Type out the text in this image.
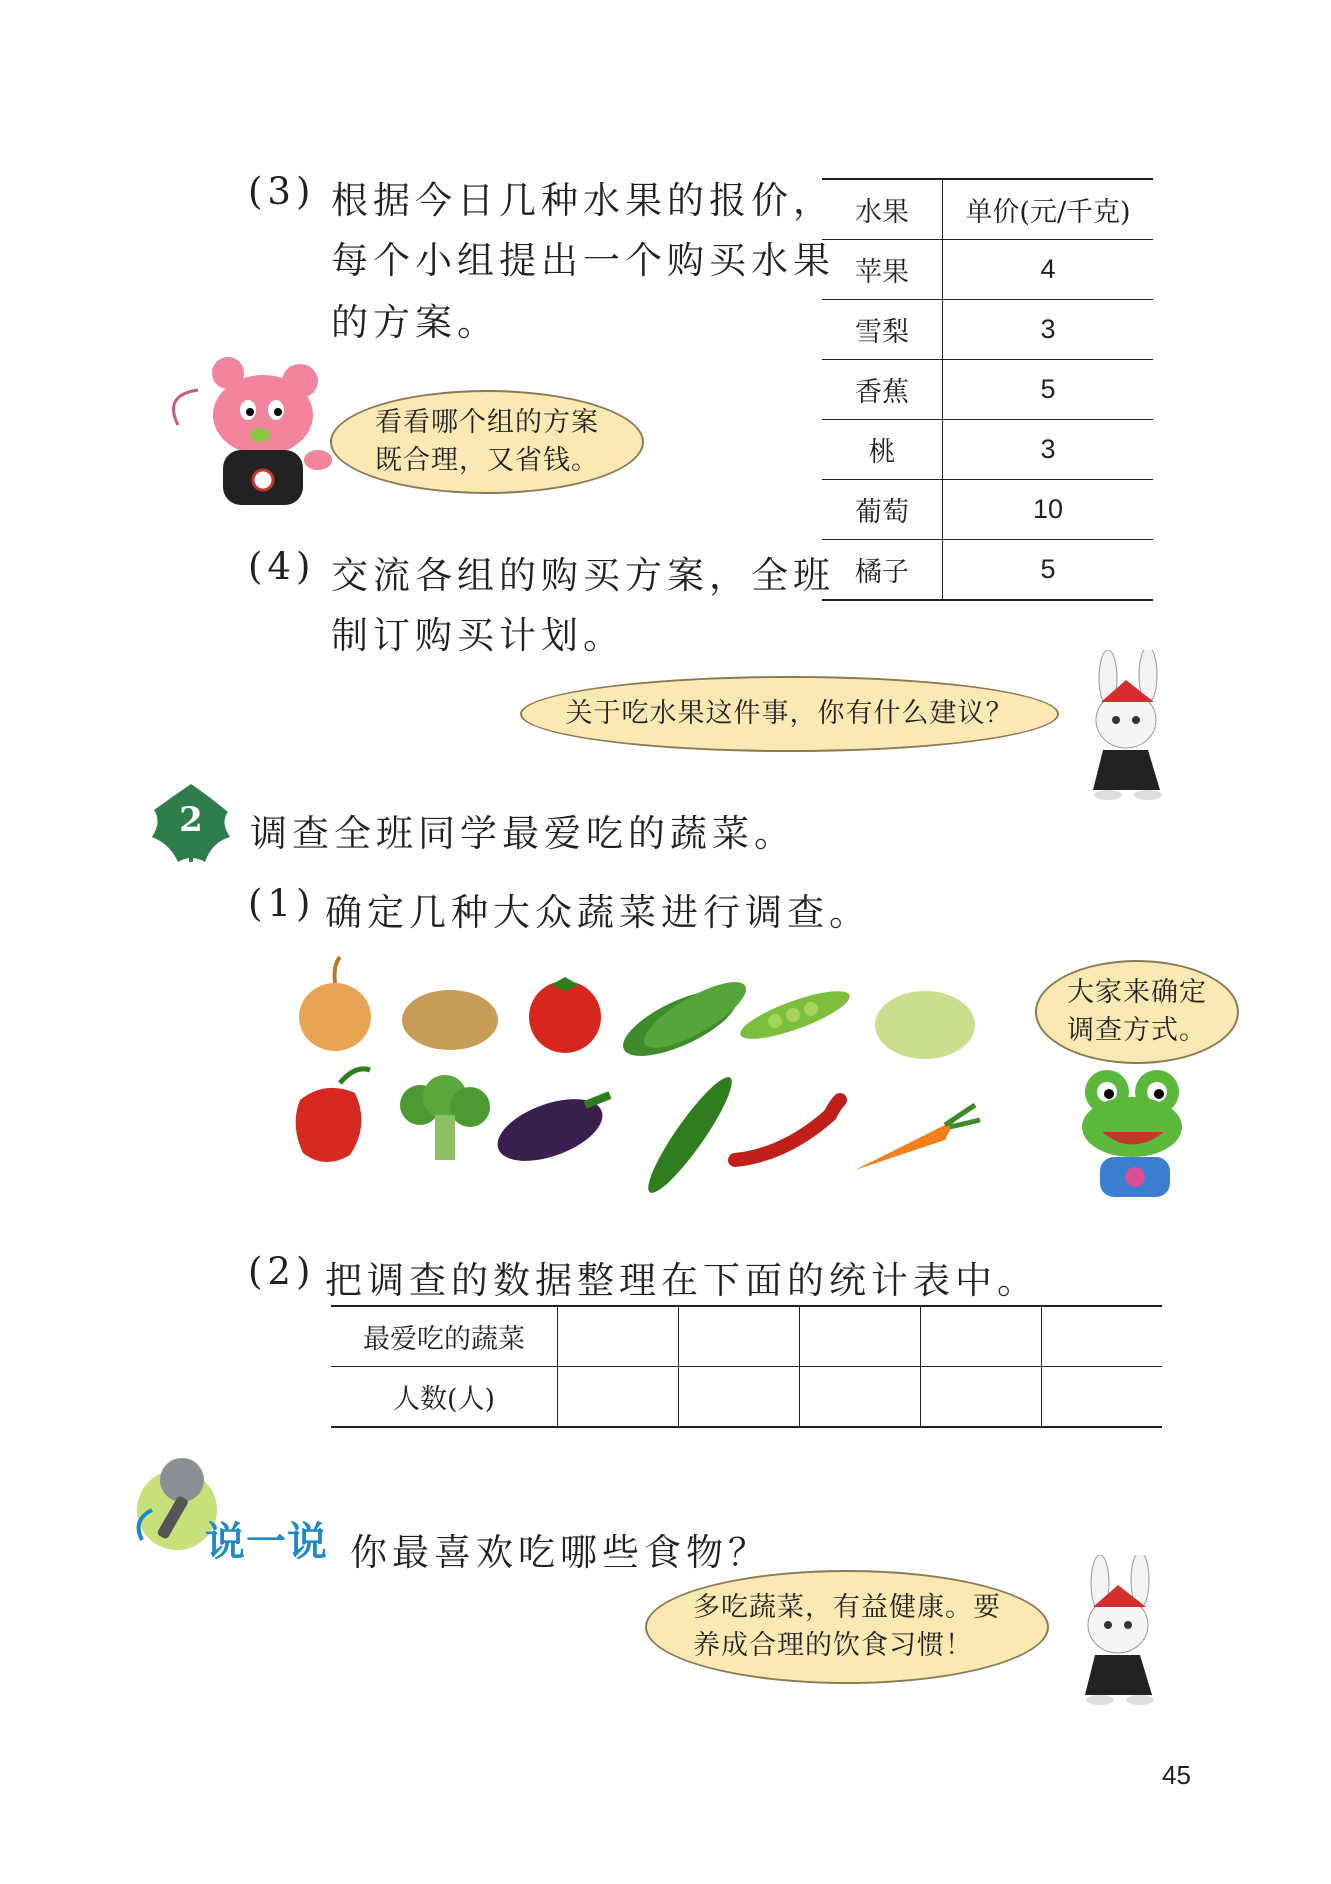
(3) 根据今日几种水果的报价，
每个小组提出一个购买水果
的方案。
看看哪个组的方案
既合理，又省钱。
水果	单价(元/千克)
苹果	4
雪梨	3
香蕉	5
桃	3
葡萄	10
橘子	5
(4) 交流各组的购买方案，全班
制订购买计划。
关于吃水果这件事，你有什么建议？
2	调查全班同学最爱吃的蔬菜。
(1) 确定几种大众蔬菜进行调查。
大家来确定
调查方式。
(2) 把调查的数据整理在下面的统计表中。
最爱吃的蔬菜					
人数(人)					
说一说 你最喜欢吃哪些食物？
多吃蔬菜，有益健康。要
养成合理的饮食习惯！
45
